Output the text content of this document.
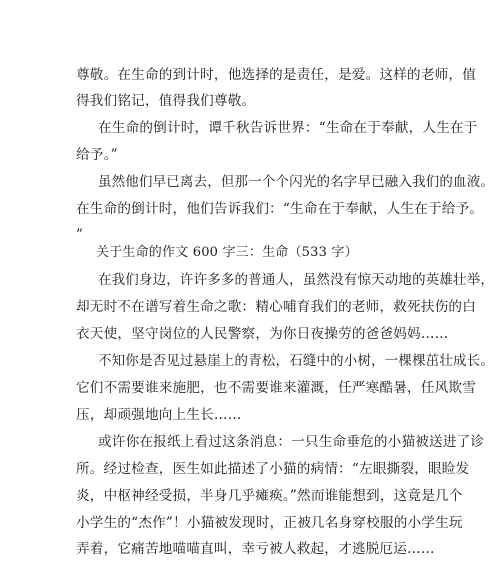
尊敬。在生命的到计时，他选择的是责任，是爱。这样的老师，值
得我们铭记，值得我们尊敬。
在生命的倒计时，谭千秋告诉世界：“生命在于奉献，人生在于
给予。”
虽然他们早已离去，但那一个个闪光的名字早已融入我们的血液。
在生命的倒计时，他们告诉我们：“生命在于奉献，人生在于给予。
”
关于生命的作文 600 字三：生命（533 字）
在我们身边，许许多多的普通人，虽然没有惊天动地的英雄壮举，
却无时不在谱写着生命之歌：精心哺育我们的老师，救死扶伤的白
衣天使，坚守岗位的人民警察，为你日夜操劳的爸爸妈妈……
不知你是否见过悬崖上的青松，石缝中的小树，一棵棵茁壮成长。
它们不需要谁来施肥，也不需要谁来灌溉，任严寒酷暑，任风欺雪
压，却顽强地向上生长……
或许你在报纸上看过这条消息：一只生命垂危的小猫被送进了诊
所。经过检查，医生如此描述了小猫的病情：“左眼撕裂，眼睑发
炎，中枢神经受损，半身几乎瘫痪。”然而谁能想到，这竟是几个
小学生的“杰作”！小猫被发现时，正被几名身穿校服的小学生玩
弄着，它痛苦地喵喵直叫，幸亏被人救起，才逃脱厄运……
